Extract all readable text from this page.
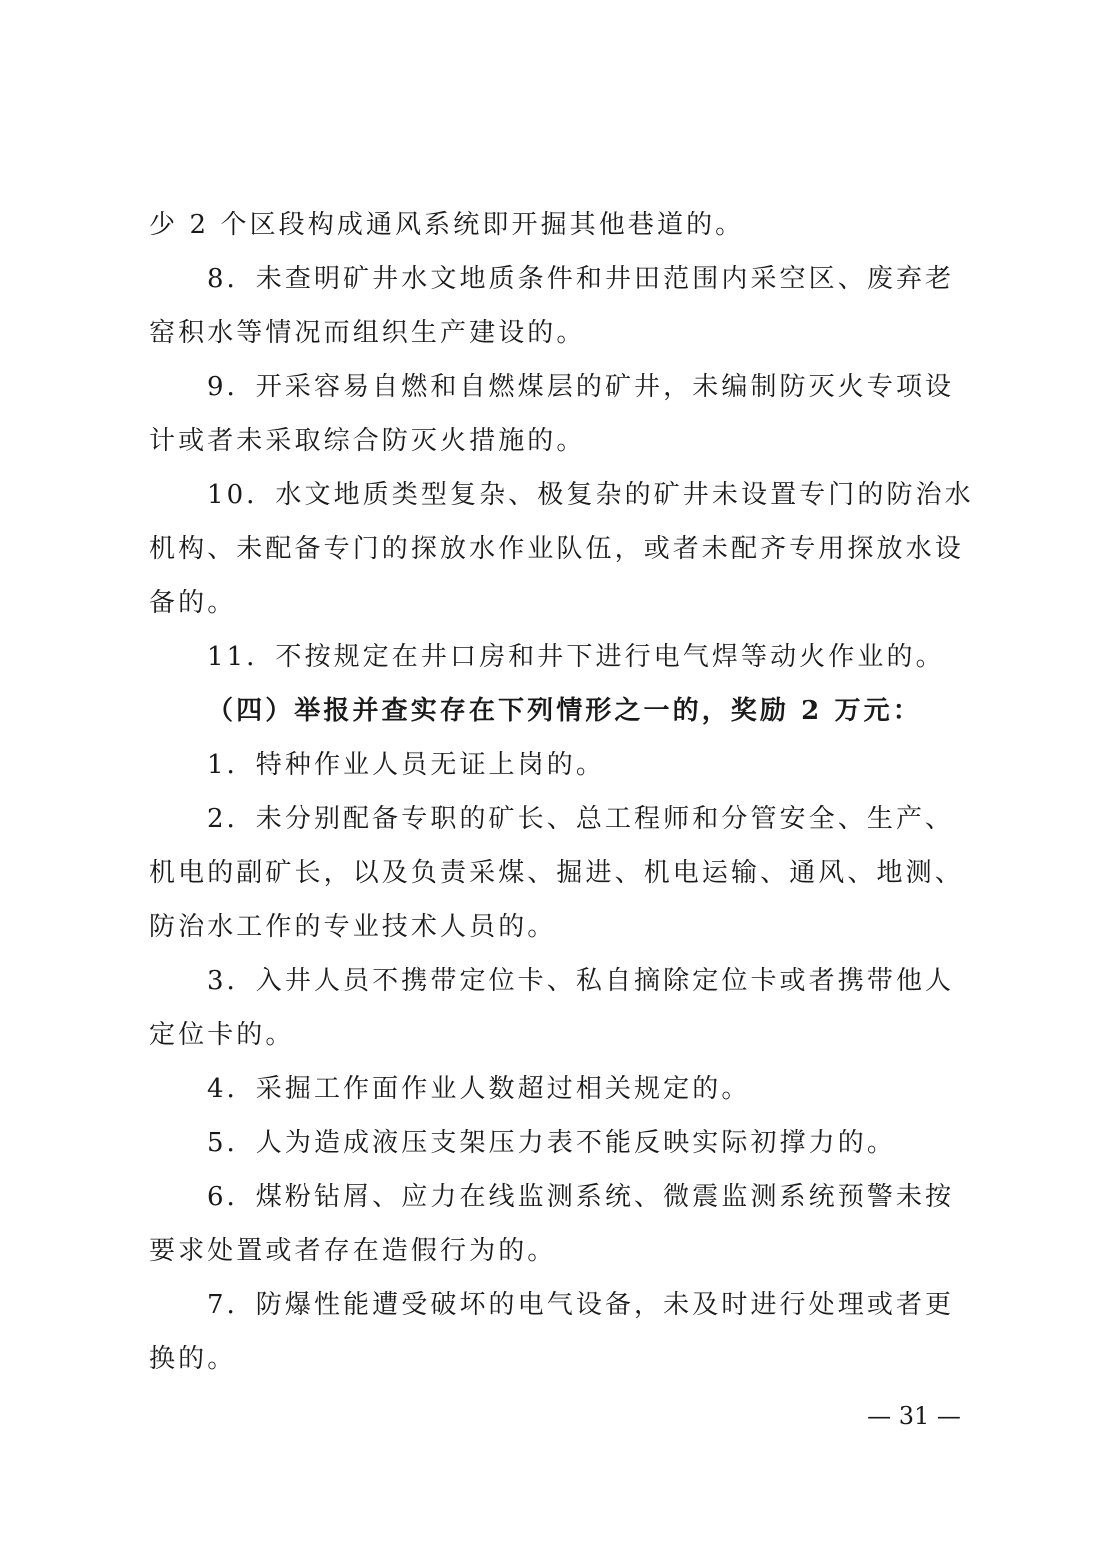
少 2 个区段构成通风系统即开掘其他巷道的。
8．未查明矿井水文地质条件和井田范围内采空区、废弃老
窑积水等情况而组织生产建设的。
9．开采容易自燃和自燃煤层的矿井，未编制防灭火专项设
计或者未采取综合防灭火措施的。
10．水文地质类型复杂、极复杂的矿井未设置专门的防治水
机构、未配备专门的探放水作业队伍，或者未配齐专用探放水设
备的。
11．不按规定在井口房和井下进行电气焊等动火作业的。
（四）举报并查实存在下列情形之一的，奖励 2 万元：
1．特种作业人员无证上岗的。
2．未分别配备专职的矿长、总工程师和分管安全、生产、
机电的副矿长，以及负责采煤、掘进、机电运输、通风、地测、
防治水工作的专业技术人员的。
3．入井人员不携带定位卡、私自摘除定位卡或者携带他人
定位卡的。
4．采掘工作面作业人数超过相关规定的。
5．人为造成液压支架压力表不能反映实际初撑力的。
6．煤粉钻屑、应力在线监测系统、微震监测系统预警未按
要求处置或者存在造假行为的。
7．防爆性能遭受破坏的电气设备，未及时进行处理或者更
换的。
— 31 —
